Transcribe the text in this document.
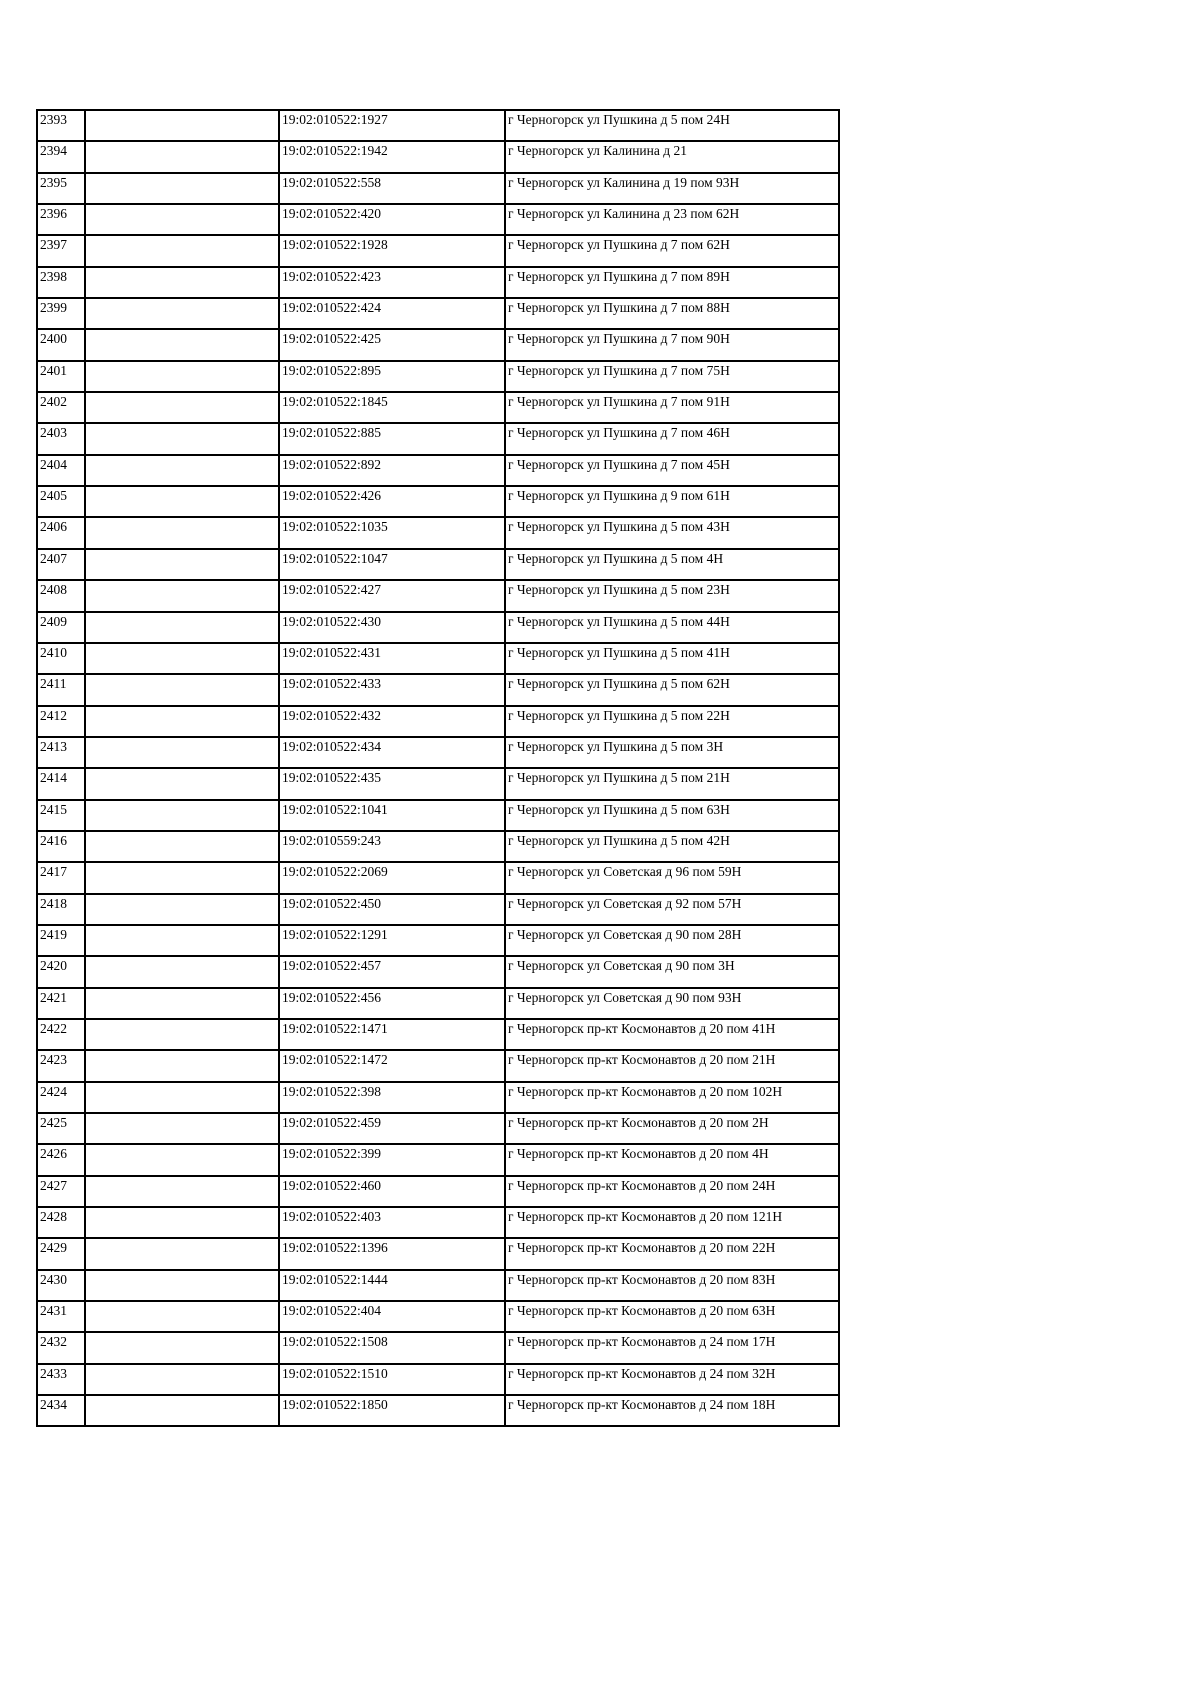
2393		19:02:010522:1927	г Черногорск ул Пушкина д 5 пом 24Н

2394		19:02:010522:1942	г Черногорск ул Калинина д 21

2395		19:02:010522:558	г Черногорск ул Калинина д 19 пом 93Н

2396		19:02:010522:420	г Черногорск ул Калинина д 23 пом 62Н

2397		19:02:010522:1928	г Черногорск ул Пушкина д 7 пом 62Н

2398		19:02:010522:423	г Черногорск ул Пушкина д 7 пом 89Н

2399		19:02:010522:424	г Черногорск ул Пушкина д 7 пом 88Н

2400		19:02:010522:425	г Черногорск ул Пушкина д 7 пом 90Н

2401		19:02:010522:895	г Черногорск ул Пушкина д 7 пом 75Н

2402		19:02:010522:1845	г Черногорск ул Пушкина д 7 пом 91Н

2403		19:02:010522:885	г Черногорск ул Пушкина д 7 пом 46Н

2404		19:02:010522:892	г Черногорск ул Пушкина д 7 пом 45Н

2405		19:02:010522:426	г Черногорск ул Пушкина д 9 пом 61Н

2406		19:02:010522:1035	г Черногорск ул Пушкина д 5 пом 43Н

2407		19:02:010522:1047	г Черногорск ул Пушкина д 5 пом 4Н

2408		19:02:010522:427	г Черногорск ул Пушкина д 5 пом 23Н

2409		19:02:010522:430	г Черногорск ул Пушкина д 5 пом 44Н

2410		19:02:010522:431	г Черногорск ул Пушкина д 5 пом 41Н

2411		19:02:010522:433	г Черногорск ул Пушкина д 5 пом 62Н

2412		19:02:010522:432	г Черногорск ул Пушкина д 5 пом 22Н

2413		19:02:010522:434	г Черногорск ул Пушкина д 5 пом 3Н

2414		19:02:010522:435	г Черногорск ул Пушкина д 5 пом 21Н

2415		19:02:010522:1041	г Черногорск ул Пушкина д 5 пом 63Н

2416		19:02:010559:243	г Черногорск ул Пушкина д 5 пом 42Н

2417		19:02:010522:2069	г Черногорск ул Советская д 96 пом 59Н

2418		19:02:010522:450	г Черногорск ул Советская д 92 пом 57Н

2419		19:02:010522:1291	г Черногорск ул Советская д 90 пом 28Н

2420		19:02:010522:457	г Черногорск ул Советская д 90 пом 3Н

2421		19:02:010522:456	г Черногорск ул Советская д 90 пом 93Н

2422		19:02:010522:1471	г Черногорск пр-кт Космонавтов д 20 пом 41Н

2423		19:02:010522:1472	г Черногорск пр-кт Космонавтов д 20 пом 21Н

2424		19:02:010522:398	г Черногорск пр-кт Космонавтов д 20 пом 102Н

2425		19:02:010522:459	г Черногорск пр-кт Космонавтов д 20 пом 2Н

2426		19:02:010522:399	г Черногорск пр-кт Космонавтов д 20 пом 4Н

2427		19:02:010522:460	г Черногорск пр-кт Космонавтов д 20 пом 24Н

2428		19:02:010522:403	г Черногорск пр-кт Космонавтов д 20 пом 121Н

2429		19:02:010522:1396	г Черногорск пр-кт Космонавтов д 20 пом 22Н

2430		19:02:010522:1444	г Черногорск пр-кт Космонавтов д 20 пом 83Н

2431		19:02:010522:404	г Черногорск пр-кт Космонавтов д 20 пом 63Н

2432		19:02:010522:1508	г Черногорск пр-кт Космонавтов д 24 пом 17Н

2433		19:02:010522:1510	г Черногорск пр-кт Космонавтов д 24 пом 32Н

2434		19:02:010522:1850	г Черногорск пр-кт Космонавтов д 24 пом 18Н
